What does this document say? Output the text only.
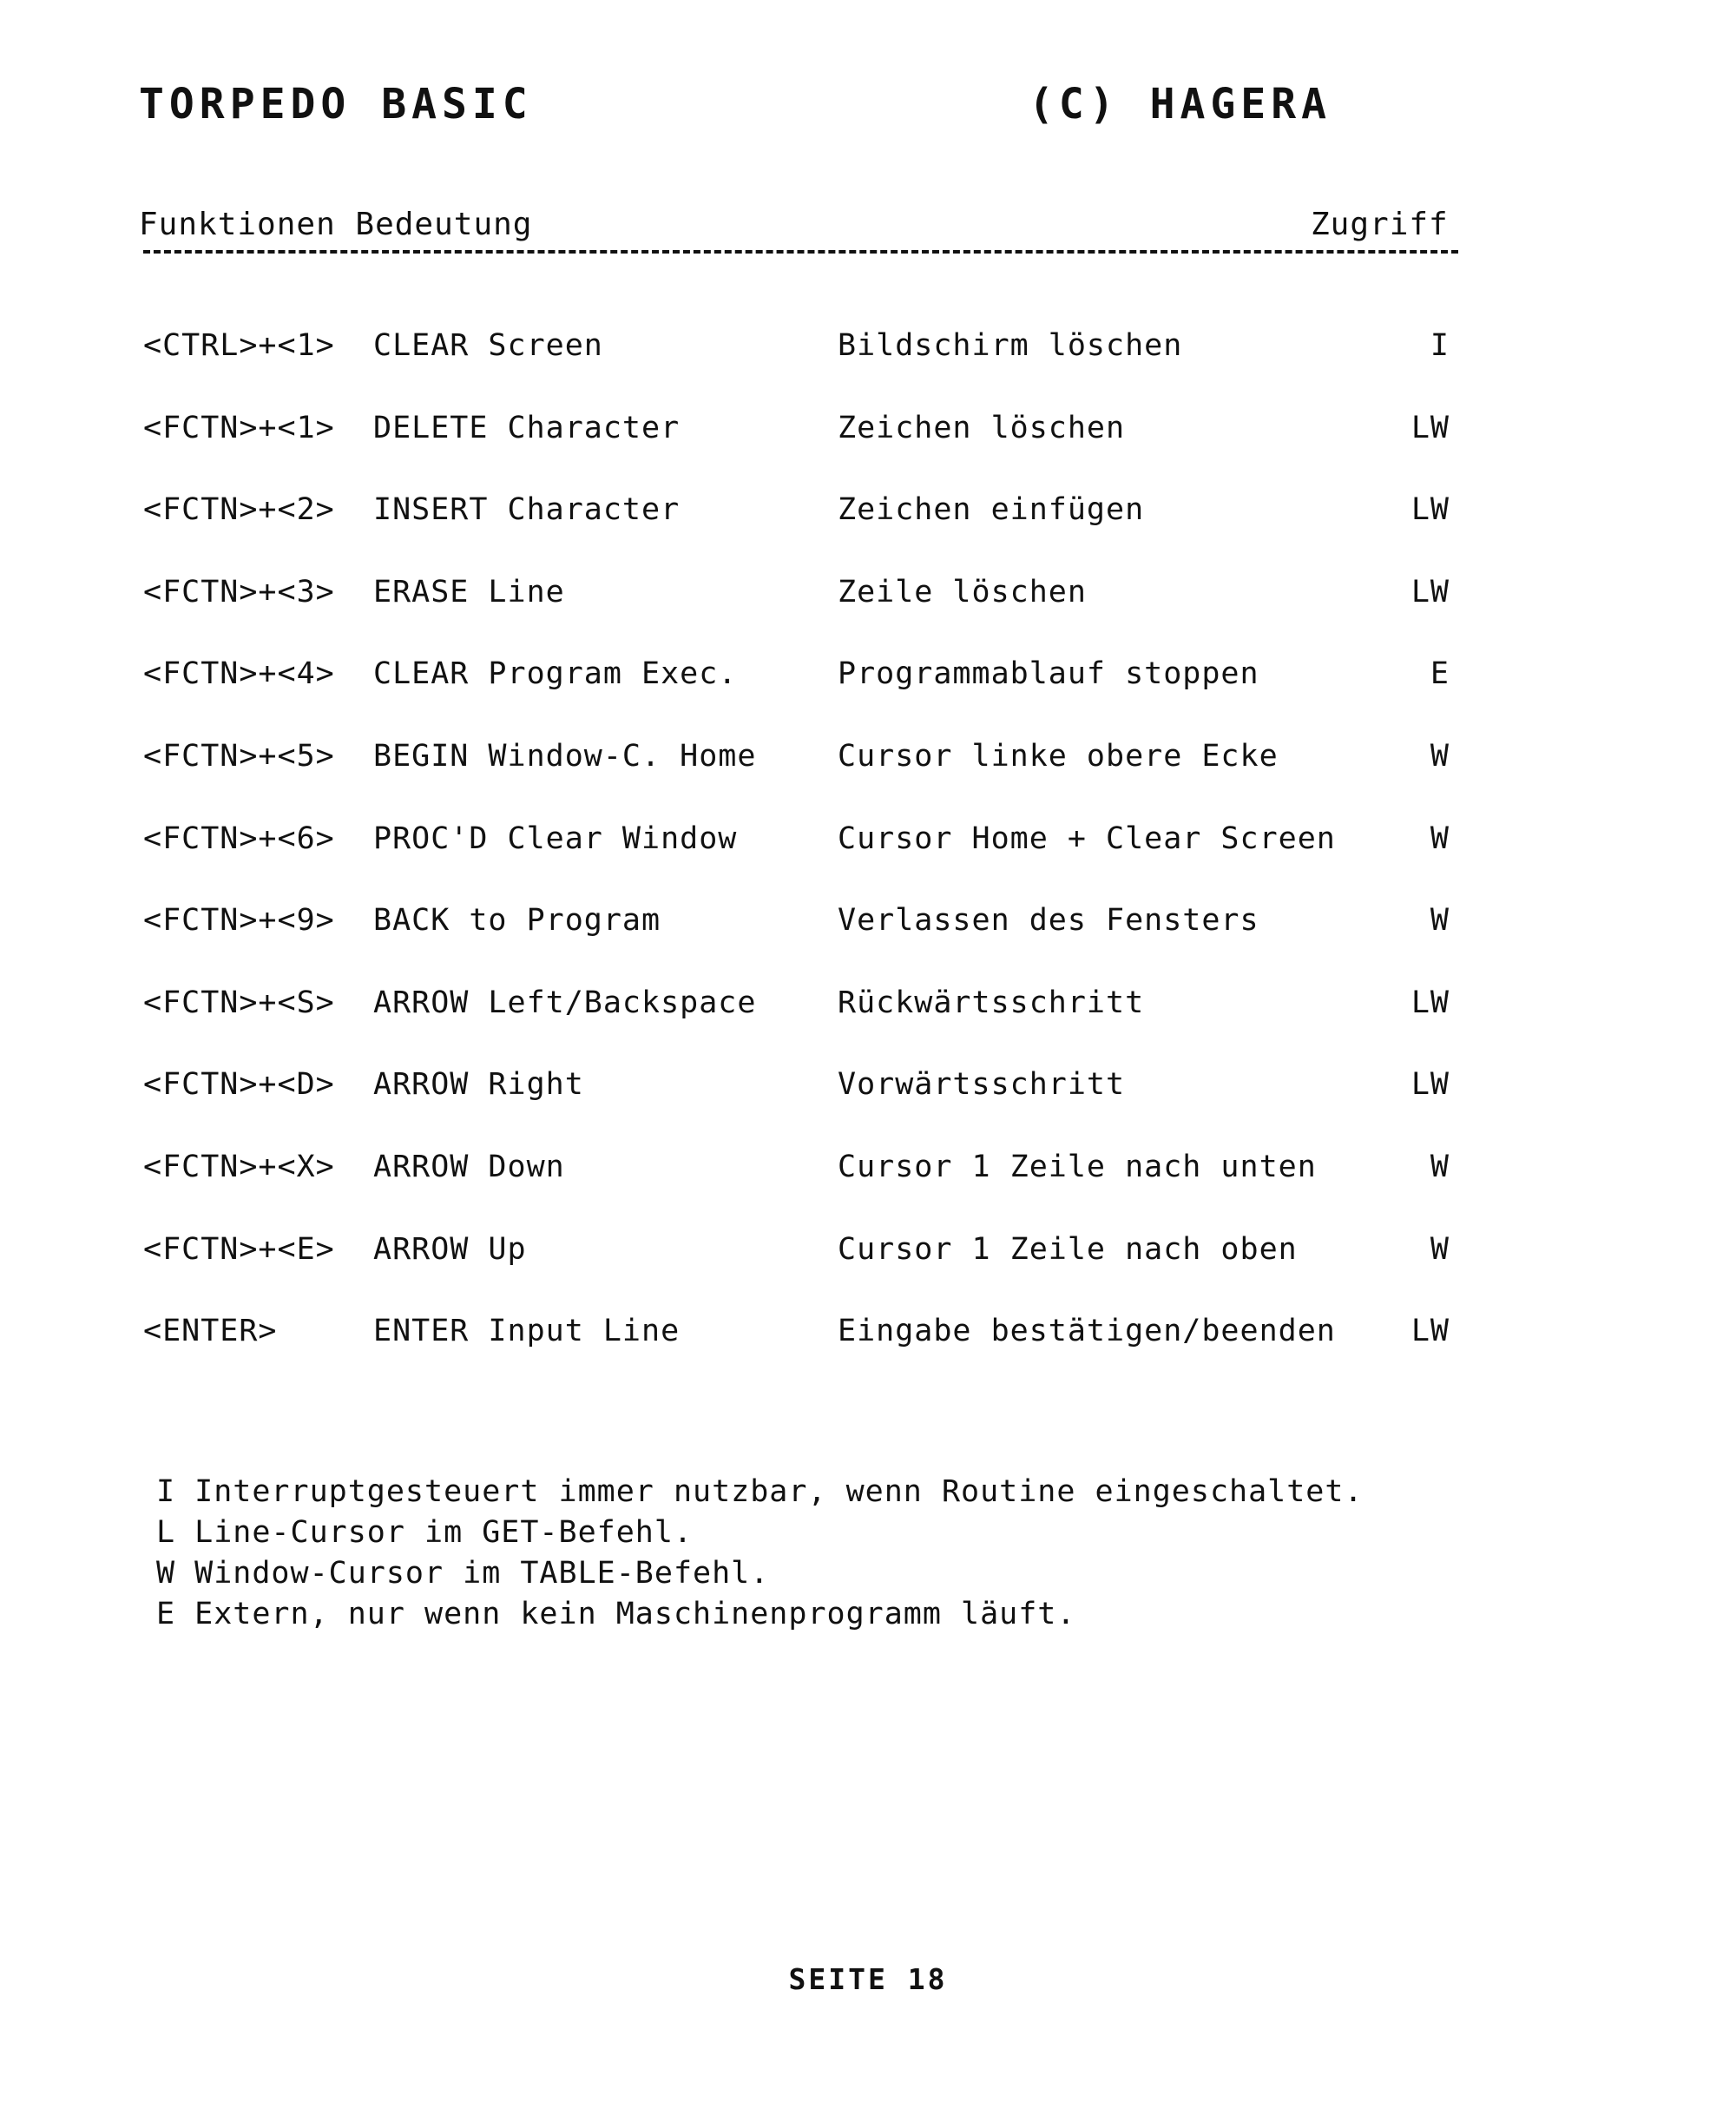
TORPEDO BASIC	(C) HAGERA
Funktionen Bedeutung	Zugriff
<CTRL>+<1> CLEAR Screen	Bildschirm löschen	I
<FCTN>+<1> DELETE Character	Zeichen löschen	LW
<FCTN>+<2> INSERT Character	Zeichen einfügen	LW
<FCTN>+<3> ERASE Line	Zeile löschen	LW
<FCTN>+<4> CLEAR Program Exec.	Programmablauf stoppen	E
<FCTN>+<5> BEGIN Window-C. Home	Cursor linke obere Ecke	W
<FCTN>+<6> PROC'D Clear Window	Cursor Home + Clear Screen	W
<FCTN>+<9> BACK to Program	Verlassen des Fensters	W
<FCTN>+<S> ARROW Left/Backspace	Rückwärtsschritt	LW
<FCTN>+<D> ARROW Right	Vorwärtsschritt	LW
<FCTN>+<X> ARROW Down	Cursor 1 Zeile nach unten	W
<FCTN>+<E> ARROW Up	Cursor 1 Zeile nach oben	W
<ENTER>	ENTER Input Line	Eingabe bestätigen/beenden LW
I Interruptgesteuert immer nutzbar, wenn Routine eingeschaltet.
L Line-Cursor im GET-Befehl.
W Window-Cursor im TABLE-Befehl.
E Extern, nur wenn kein Maschinenprogramm läuft.
SEITE 18
